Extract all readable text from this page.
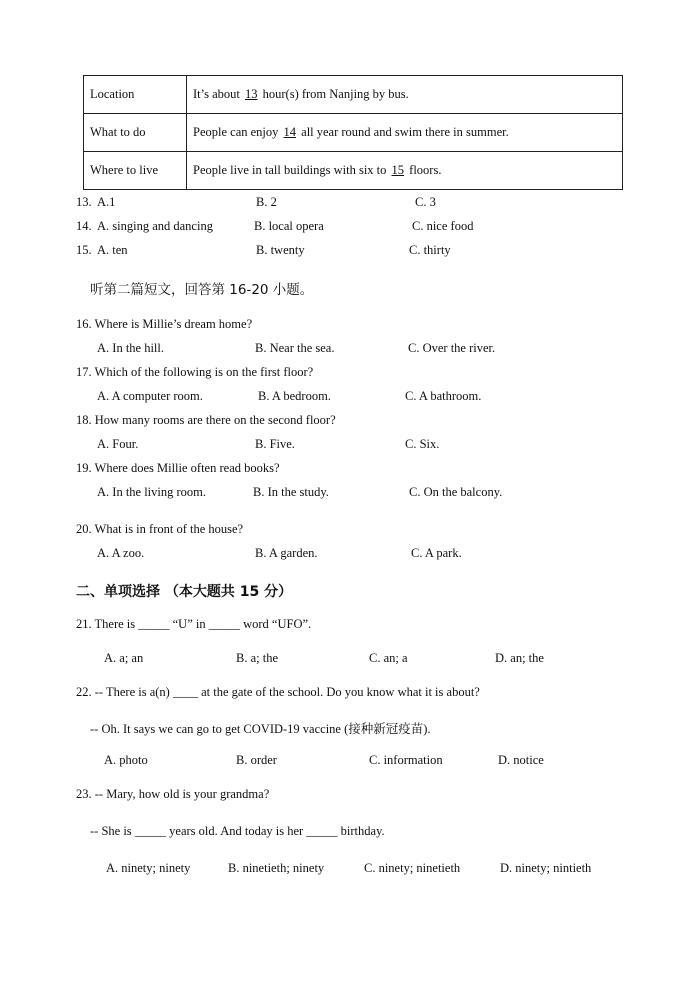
Location	It’s about 13 hour(s) from Nanjing by bus.
What to do	People can enjoy 14 all year round and swim there in summer.
Where to live	People live in tall buildings with six to 15 floors.
13. A.1	B. 2	C. 3
14. A. singing and dancing	B. local opera	C. nice food
15. A. ten	B. twenty	C. thirty
听第二篇短文，回答第 16-20 小题。
16. Where is Millie’s dream home?
A. In the hill.	B. Near the sea.	C. Over the river.
17. Which of the following is on the first floor?
A. A computer room.	B. A bedroom.	C. A bathroom.
18. How many rooms are there on the second floor?
A. Four.	B. Five.	C. Six.
19. Where does Millie often read books?
A. In the living room.	B. In the study.	C. On the balcony.
20. What is in front of the house?
A. A zoo.	B. A garden.	C. A park.
二、单项选择 （本大题共 15 分）
21. There is _____ “U” in _____ word “UFO”.
A. a; an	B. a; the	C. an; a	D. an; the
22. -- There is a(n) ____ at the gate of the school. Do you know what it is about?
-- Oh. It says we can go to get COVID-19 vaccine (接种新冠疫苗).
A. photo	B. order	C. information	D. notice
23. -- Mary, how old is your grandma?
-- She is _____ years old. And today is her _____ birthday.
A. ninety; ninety	B. ninetieth; ninety	C. ninety; ninetieth	D. ninety; nintieth
